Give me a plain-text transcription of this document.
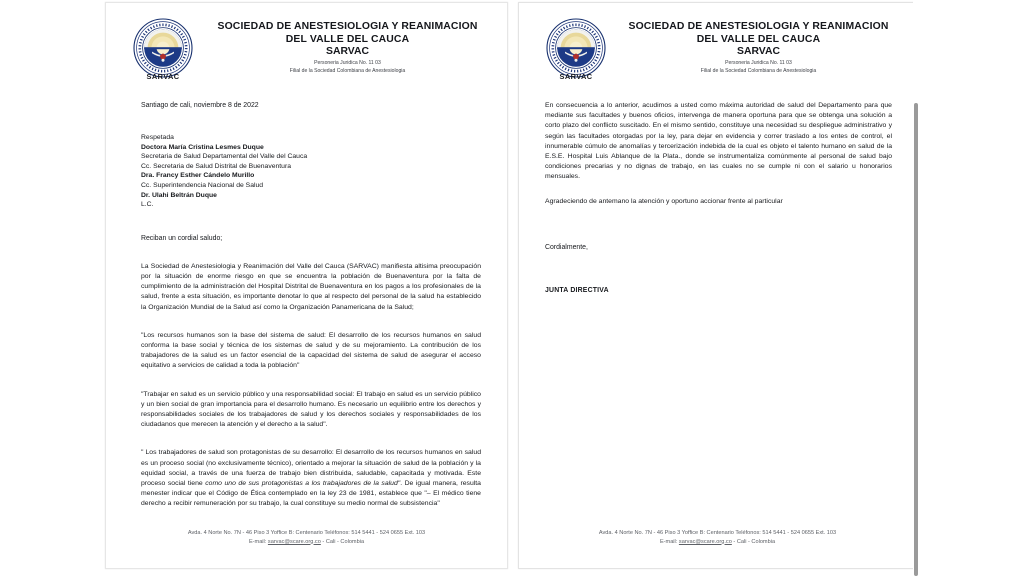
SARVAC
SOCIEDAD DE ANESTESIOLOGIA Y REANIMACION
DEL VALLE DEL CAUCA
SARVAC
Personeria Juridica No. 11 03
Filial de la Sociedad Colombiana de Anestesiologia
Santiago de cali, noviembre 8 de 2022
Respetada
Doctora María Cristina Lesmes Duque
Secretaria de Salud Departamental del Valle del Cauca
Cc. Secretaria de Salud Distrital de Buenaventura
Dra. Francy Esther Cándelo Murillo
Cc. Superintendencia Nacional de Salud
Dr. Ulahi Beltrán Duque
L.C.
Reciban un cordial saludo;
La Sociedad de Anestesiologia y Reanimación del Valle del Cauca (SARVAC) manifiesta altisima preocupación por la situación de enorme riesgo en que se encuentra la población de Buenaventura por la falta de cumplimiento de la administración del Hospital Distrital de Buenaventura en los pagos a los profesionales de la salud, frente a esta situación, es importante denotar lo que al respecto del personal de la salud ha establecido la Organización Mundial de la Salud así como la Organización Panamericana de la Salud;
"Los recursos humanos son la base del sistema de salud: El desarrollo de los recursos humanos en salud conforma la base social y técnica de los sistemas de salud y de su mejoramiento. La contribución de los trabajadores de la salud es un factor esencial de la capacidad del sistema de salud de asegurar el acceso equitativo a servicios de calidad a toda la población"
"Trabajar en salud es un servicio público y una responsabilidad social: El trabajo en salud es un servicio público y un bien social de gran importancia para el desarrollo humano. Es necesario un equilibrio entre los derechos y responsabilidades sociales de los trabajadores de salud y los derechos sociales y responsabilidades de los ciudadanos que merecen la atención y el derecho a la salud".
" Los trabajadores de salud son protagonistas de su desarrollo: El desarrollo de los recursos humanos en salud es un proceso social (no exclusivamente técnico), orientado a mejorar la situación de salud de la población y la equidad social, a través de una fuerza de trabajo bien distribuida, saludable, capacitada y motivada. Este proceso social tiene como uno de sus protagonistas a los trabajadores de la salud". De igual manera, resulta menester indicar que el Código de Ética contemplado en la ley 23 de 1981, establece que "– El médico tiene derecho a recibir remuneración por su trabajo, la cual constituye su medio normal de subsistencia"
Avda. 4 Norte No. 7N - 46 Piso 3 Yoffice B: Centenario Teléfonos: 514 5441 - 524 0655 Ext. 103
E-mail: sarvac@scare.org.co - Cali - Colombia
SARVAC
SOCIEDAD DE ANESTESIOLOGIA Y REANIMACION
DEL VALLE DEL CAUCA
SARVAC
Personeria Juridica No. 11 03
Filial de la Sociedad Colombiana de Anestesiologia
En consecuencia a lo anterior, acudimos a usted como máxima autoridad de salud del Departamento para que mediante sus facultades y buenos oficios, intervenga de manera oportuna para que se obtenga una solución a corto plazo del conflicto suscitado. En el mismo sentido, constituye una necesidad su despliegue administrativo y según las facultades otorgadas por la ley, para dejar en evidencia y correr traslado a los entes de control, el innumerable cúmulo de anomalías y tercerización indebida de la cual es objeto el talento humano en salud de la E.S.E. Hospital Luis Ablanque de la Plata., donde se instrumentaliza comúnmente al personal de salud bajo condiciones precarias y no dignas de trabajo, en las cuales no se cumple ni con el salario u honorarios mensuales.
Agradeciendo de antemano la atención y oportuno accionar frente al particular
Cordialmente,
JUNTA DIRECTIVA
Avda. 4 Norte No. 7N - 46 Piso 3 Yoffice B: Centenario Teléfonos: 514 5441 - 524 0655 Ext. 103
E-mail: sarvac@scare.org.co - Cali - Colombia
